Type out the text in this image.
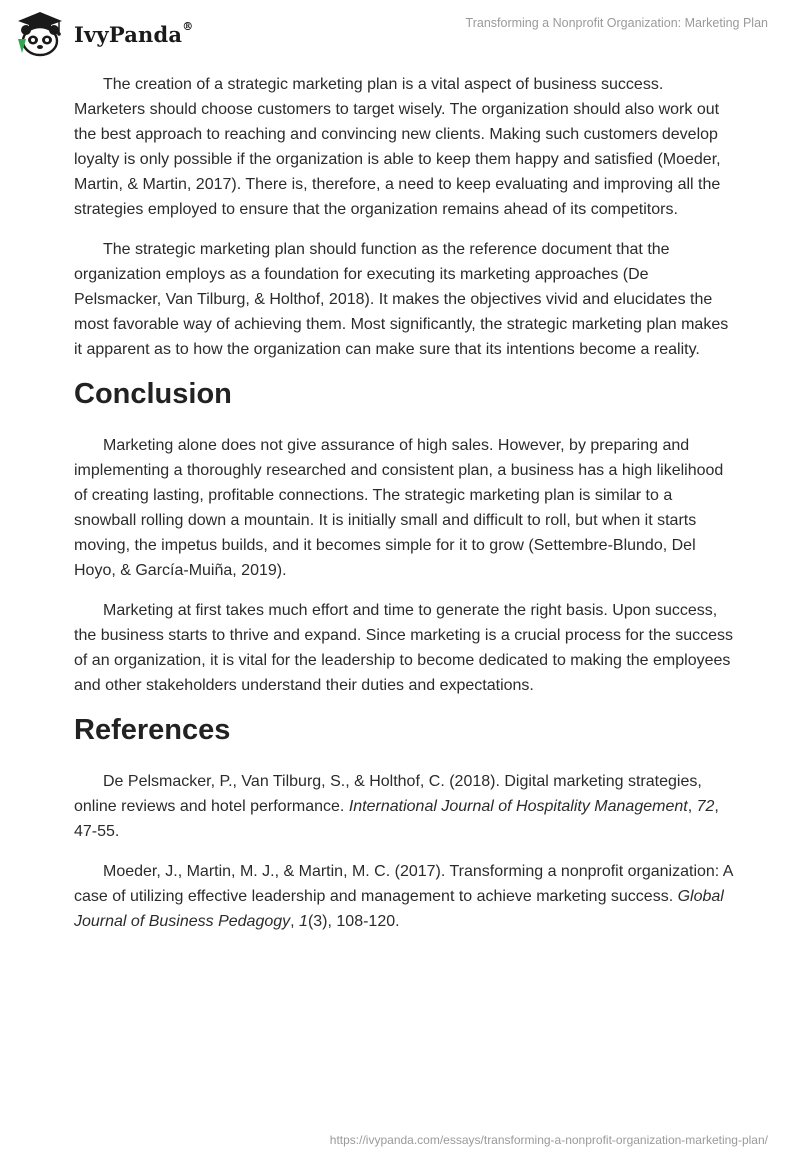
IvyPanda®	Transforming a Nonprofit Organization: Marketing Plan

The creation of a strategic marketing plan is a vital aspect of business success. Marketers should choose customers to target wisely. The organization should also work out the best approach to reaching and convincing new clients. Making such customers develop loyalty is only possible if the organization is able to keep them happy and satisfied (Moeder, Martin, & Martin, 2017). There is, therefore, a need to keep evaluating and improving all the strategies employed to ensure that the organization remains ahead of its competitors.

The strategic marketing plan should function as the reference document that the organization employs as a foundation for executing its marketing approaches (De Pelsmacker, Van Tilburg, & Holthof, 2018). It makes the objectives vivid and elucidates the most favorable way of achieving them. Most significantly, the strategic marketing plan makes it apparent as to how the organization can make sure that its intentions become a reality.

Conclusion

Marketing alone does not give assurance of high sales. However, by preparing and implementing a thoroughly researched and consistent plan, a business has a high likelihood of creating lasting, profitable connections. The strategic marketing plan is similar to a snowball rolling down a mountain. It is initially small and difficult to roll, but when it starts moving, the impetus builds, and it becomes simple for it to grow (Settembre-Blundo, Del Hoyo, & García-Muiña, 2019).

Marketing at first takes much effort and time to generate the right basis. Upon success, the business starts to thrive and expand. Since marketing is a crucial process for the success of an organization, it is vital for the leadership to become dedicated to making the employees and other stakeholders understand their duties and expectations.

References

De Pelsmacker, P., Van Tilburg, S., & Holthof, C. (2018). Digital marketing strategies, online reviews and hotel performance. International Journal of Hospitality Management, 72, 47-55.

Moeder, J., Martin, M. J., & Martin, M. C. (2017). Transforming a nonprofit organization: A case of utilizing effective leadership and management to achieve marketing success. Global Journal of Business Pedagogy, 1(3), 108-120.

https://ivypanda.com/essays/transforming-a-nonprofit-organization-marketing-plan/
